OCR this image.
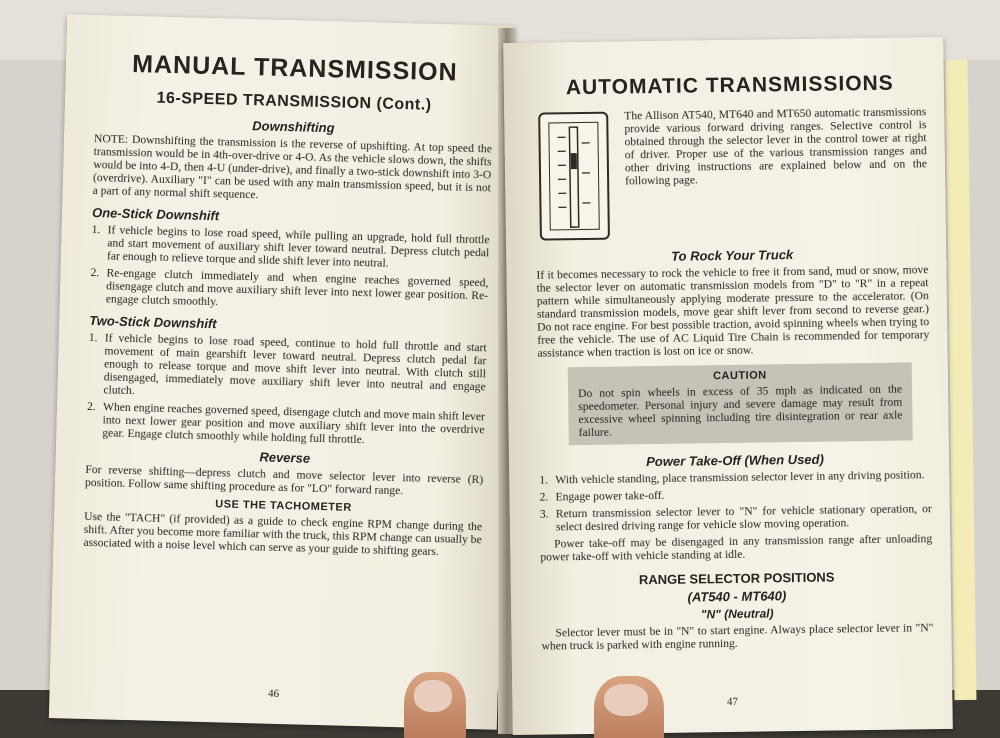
MANUAL TRANSMISSION
16-SPEED TRANSMISSION (Cont.)
Downshifting

NOTE: Downshifting the transmission is the reverse of upshifting. At top speed the transmission would be in 4th-over-drive or 4-O. As the vehicle slows down, the shifts would be into 4-D, then 4-U (under-drive), and finally a two-stick downshift into 3-O (overdrive). Auxiliary "I" can be used with any main transmission speed, but it is not a part of any normal shift sequence.

One-Stick Downshift
1. If vehicle begins to lose road speed, while pulling an upgrade, hold full throttle and start movement of auxiliary shift lever toward neutral. Depress clutch pedal far enough to relieve torque and slide shift lever into neutral.
2. Re-engage clutch immediately and when engine reaches governed speed, disengage clutch and move auxiliary shift lever into next lower gear position. Re-engage clutch smoothly.
Two-Stick Downshift
1. If vehicle begins to lose road speed, continue to hold full throttle and start movement of main gearshift lever toward neutral. Depress clutch pedal far enough to release torque and move shift lever into neutral. With clutch still disengaged, immediately move auxiliary shift lever into neutral and engage clutch.
2. When engine reaches governed speed, disengage clutch and move main shift lever into next lower gear position and move auxiliary shift lever into the overdrive gear. Engage clutch smoothly while holding full throttle.
Reverse

For reverse shifting—depress clutch and move selector lever into reverse (R) position. Follow same shifting procedure as for "LO" forward range.

USE THE TACHOMETER

Use the "TACH" (if provided) as a guide to check engine RPM change during the shift. After you become more familiar with the truck, this RPM change can usually be associated with a noise level which can serve as your guide to shifting gears.

46
AUTOMATIC TRANSMISSIONS

The Allison AT540, MT640 and MT650 automatic transmissions provide various forward driving ranges. Selective control is obtained through the selector lever in the control tower at right of driver. Proper use of the various transmission ranges and other driving instructions are explained below and on the following page.

To Rock Your Truck

If it becomes necessary to rock the vehicle to free it from sand, mud or snow, move the selector lever on automatic transmission models from "D" to "R" in a repeat pattern while simultaneously applying moderate pressure to the accelerator. (On standard transmission models, move gear shift lever from second to reverse gear.) Do not race engine. For best possible traction, avoid spinning wheels when trying to free the vehicle. The use of AC Liquid Tire Chain is recommended for temporary assistance when traction is lost on ice or snow.

CAUTION

Do not spin wheels in excess of 35 mph as indicated on the speedometer. Personal injury and severe damage may result from excessive wheel spinning including tire disintegration or rear axle failure.

Power Take-Off (When Used)
1. With vehicle standing, place transmission selector lever in any driving position.
2. Engage power take-off.
3. Return transmission selector lever to "N" for vehicle stationary operation, or select desired driving range for vehicle slow moving operation.

Power take-off may be disengaged in any transmission range after unloading power take-off with vehicle standing at idle.

RANGE SELECTOR POSITIONS
(AT540 - MT640)
"N" (Neutral)

Selector lever must be in "N" to start engine. Always place selector lever in "N" when truck is parked with engine running.

47
